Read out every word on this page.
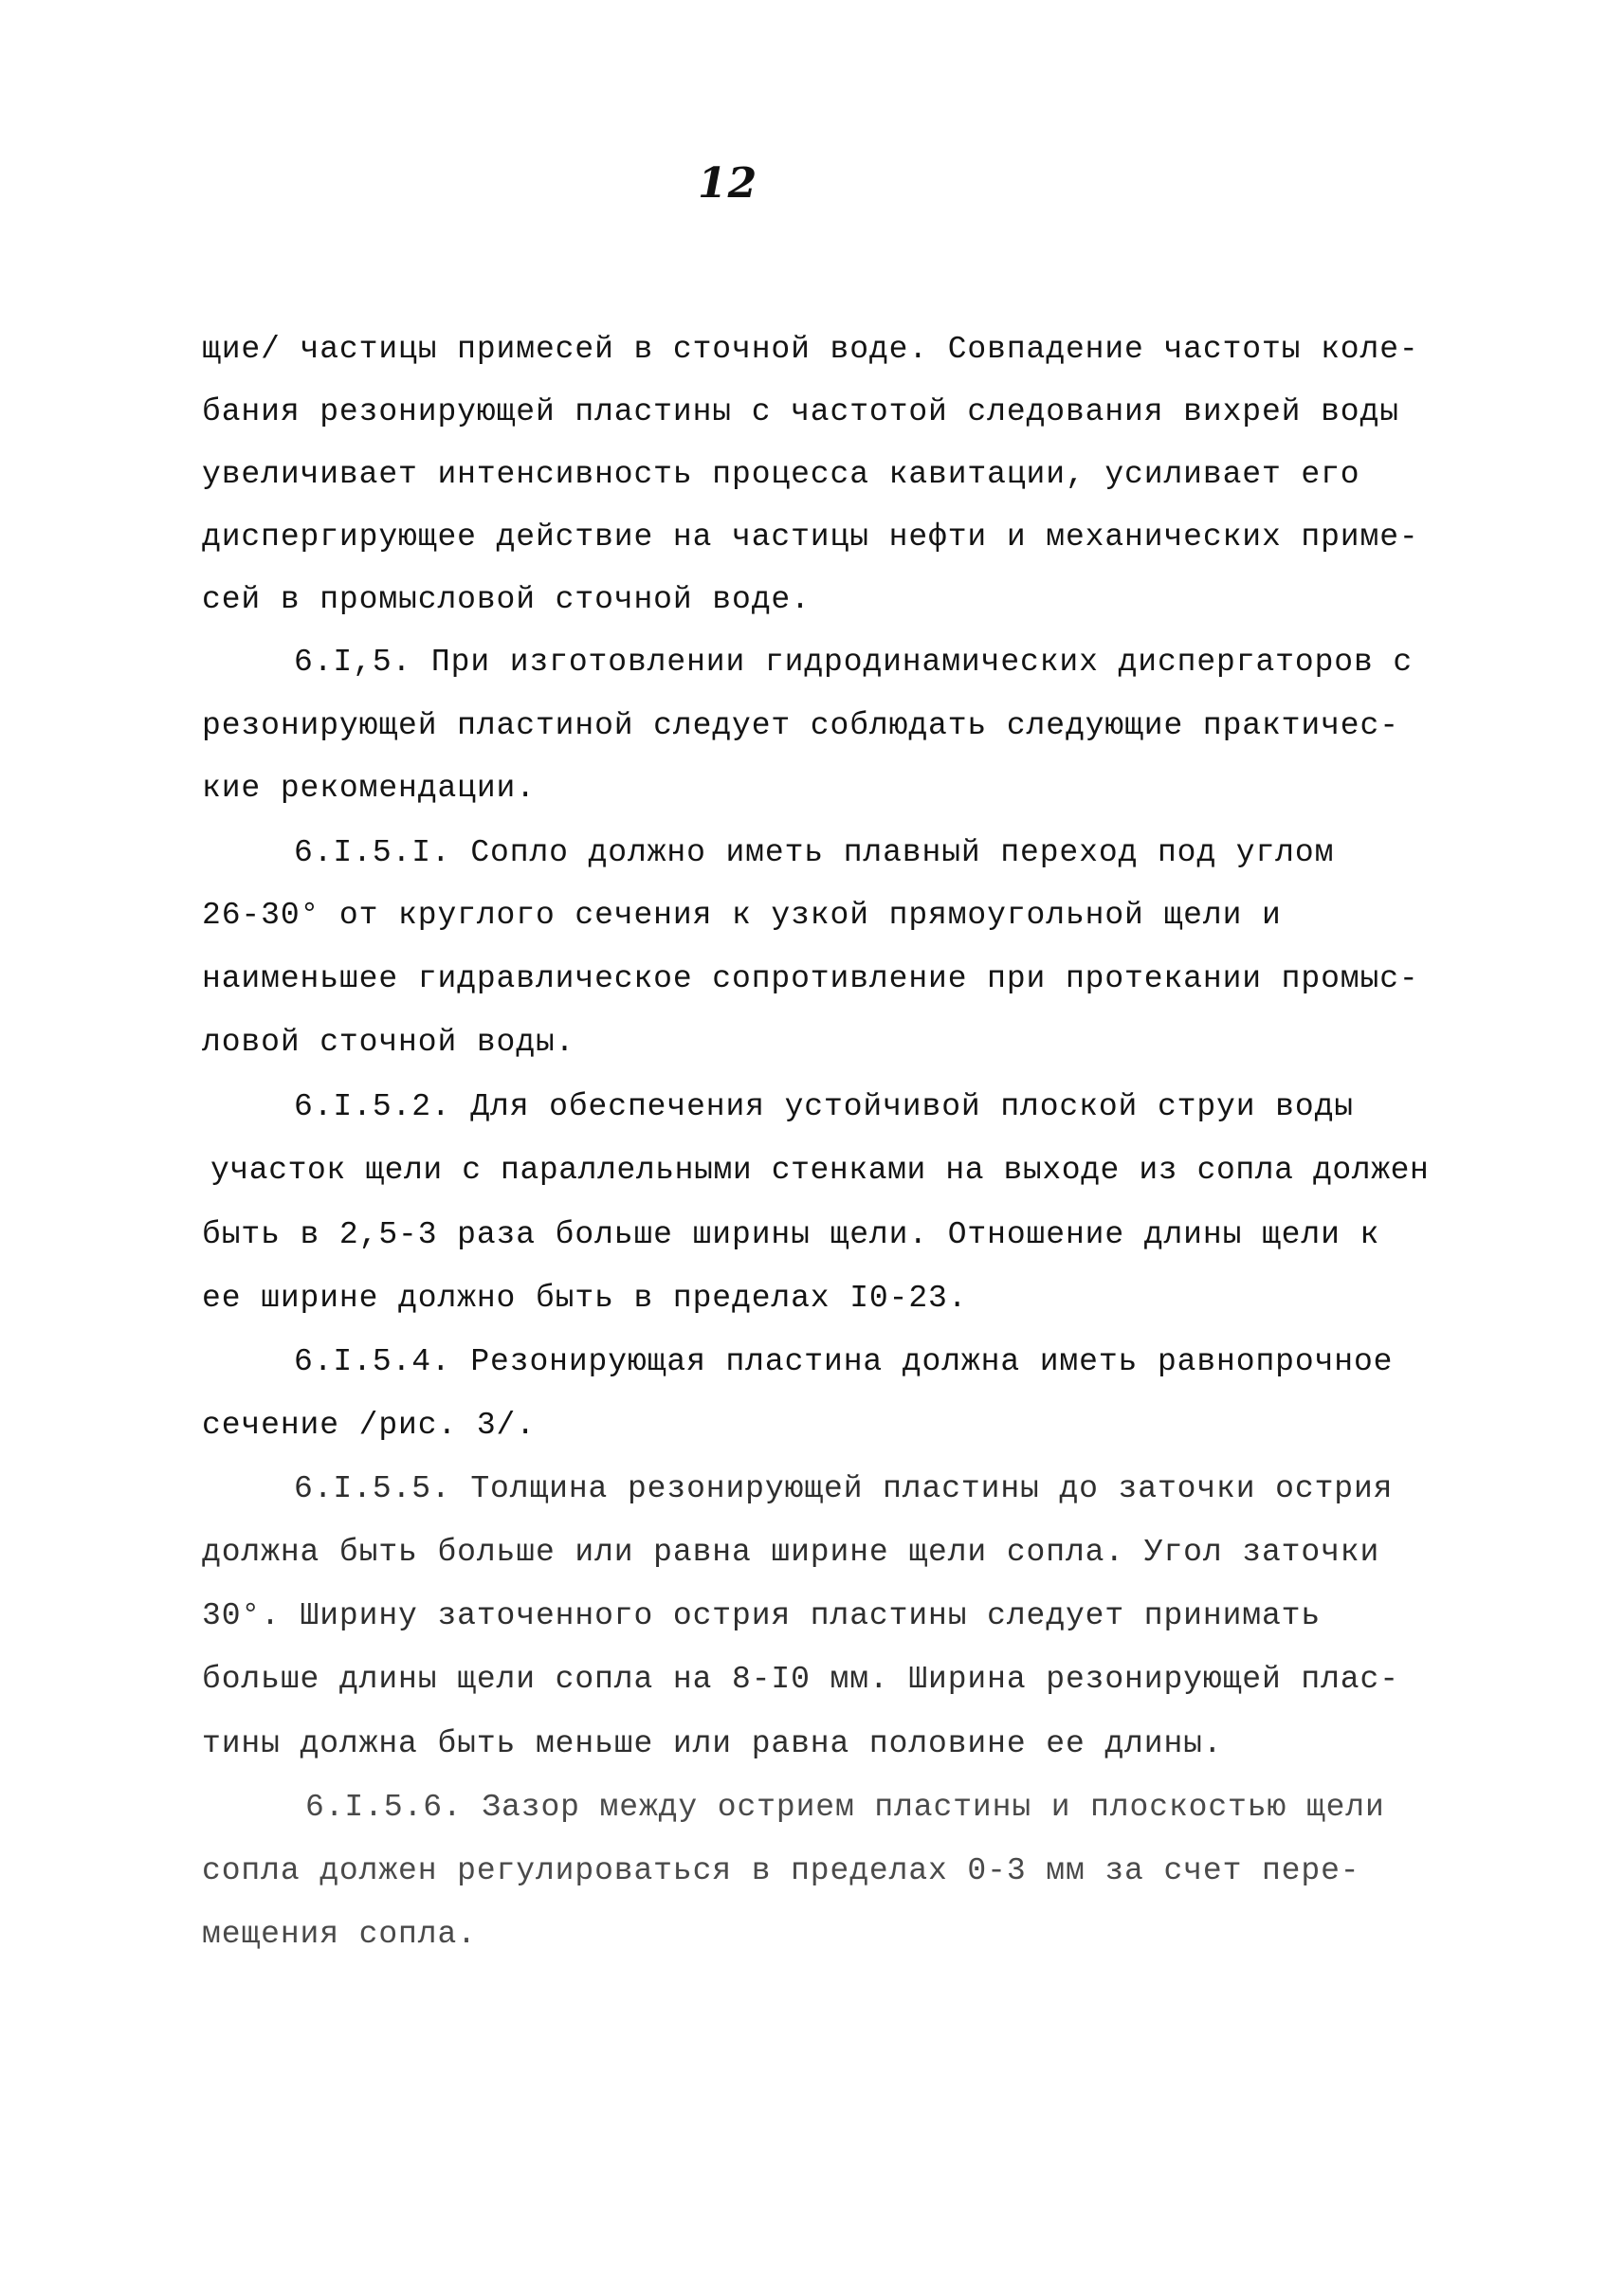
12
щие/ частицы примесей в сточной воде. Совпадение частоты коле-
бания резонирующей пластины с частотой следования вихрей воды
увеличивает интенсивность процесса кавитации, усиливает его
диспергирующее действие на частицы нефти и механических приме-
сей в промысловой сточной воде.
6.I,5. При изготовлении гидродинамических диспергаторов с
резонирующей пластиной следует соблюдать следующие практичес-
кие рекомендации.
6.I.5.I. Сопло должно иметь плавный переход под углом
26-30° от круглого сечения к узкой прямоугольной щели и
наименьшее гидравлическое сопротивление при протекании промыс-
ловой сточной воды.
6.I.5.2. Для обеспечения устойчивой плоской струи воды
участок щели с параллельными стенками на выходе из сопла должен
быть в 2,5-3 раза больше ширины щели. Отношение длины щели к
ее ширине должно быть в пределах I0-23.
6.I.5.4. Резонирующая пластина должна иметь равнопрочное
сечение /рис. 3/.
6.I.5.5. Толщина резонирующей пластины до заточки острия
должна быть больше или равна ширине щели сопла. Угол заточки
30°. Ширину заточенного острия пластины следует принимать
больше длины щели сопла на 8-I0 мм. Ширина резонирующей плас-
тины должна быть меньше или равна половине ее длины.
6.I.5.6. Зазор между острием пластины и плоскостью щели
сопла должен регулироваться в пределах 0-3 мм за счет пере-
мещения сопла.
